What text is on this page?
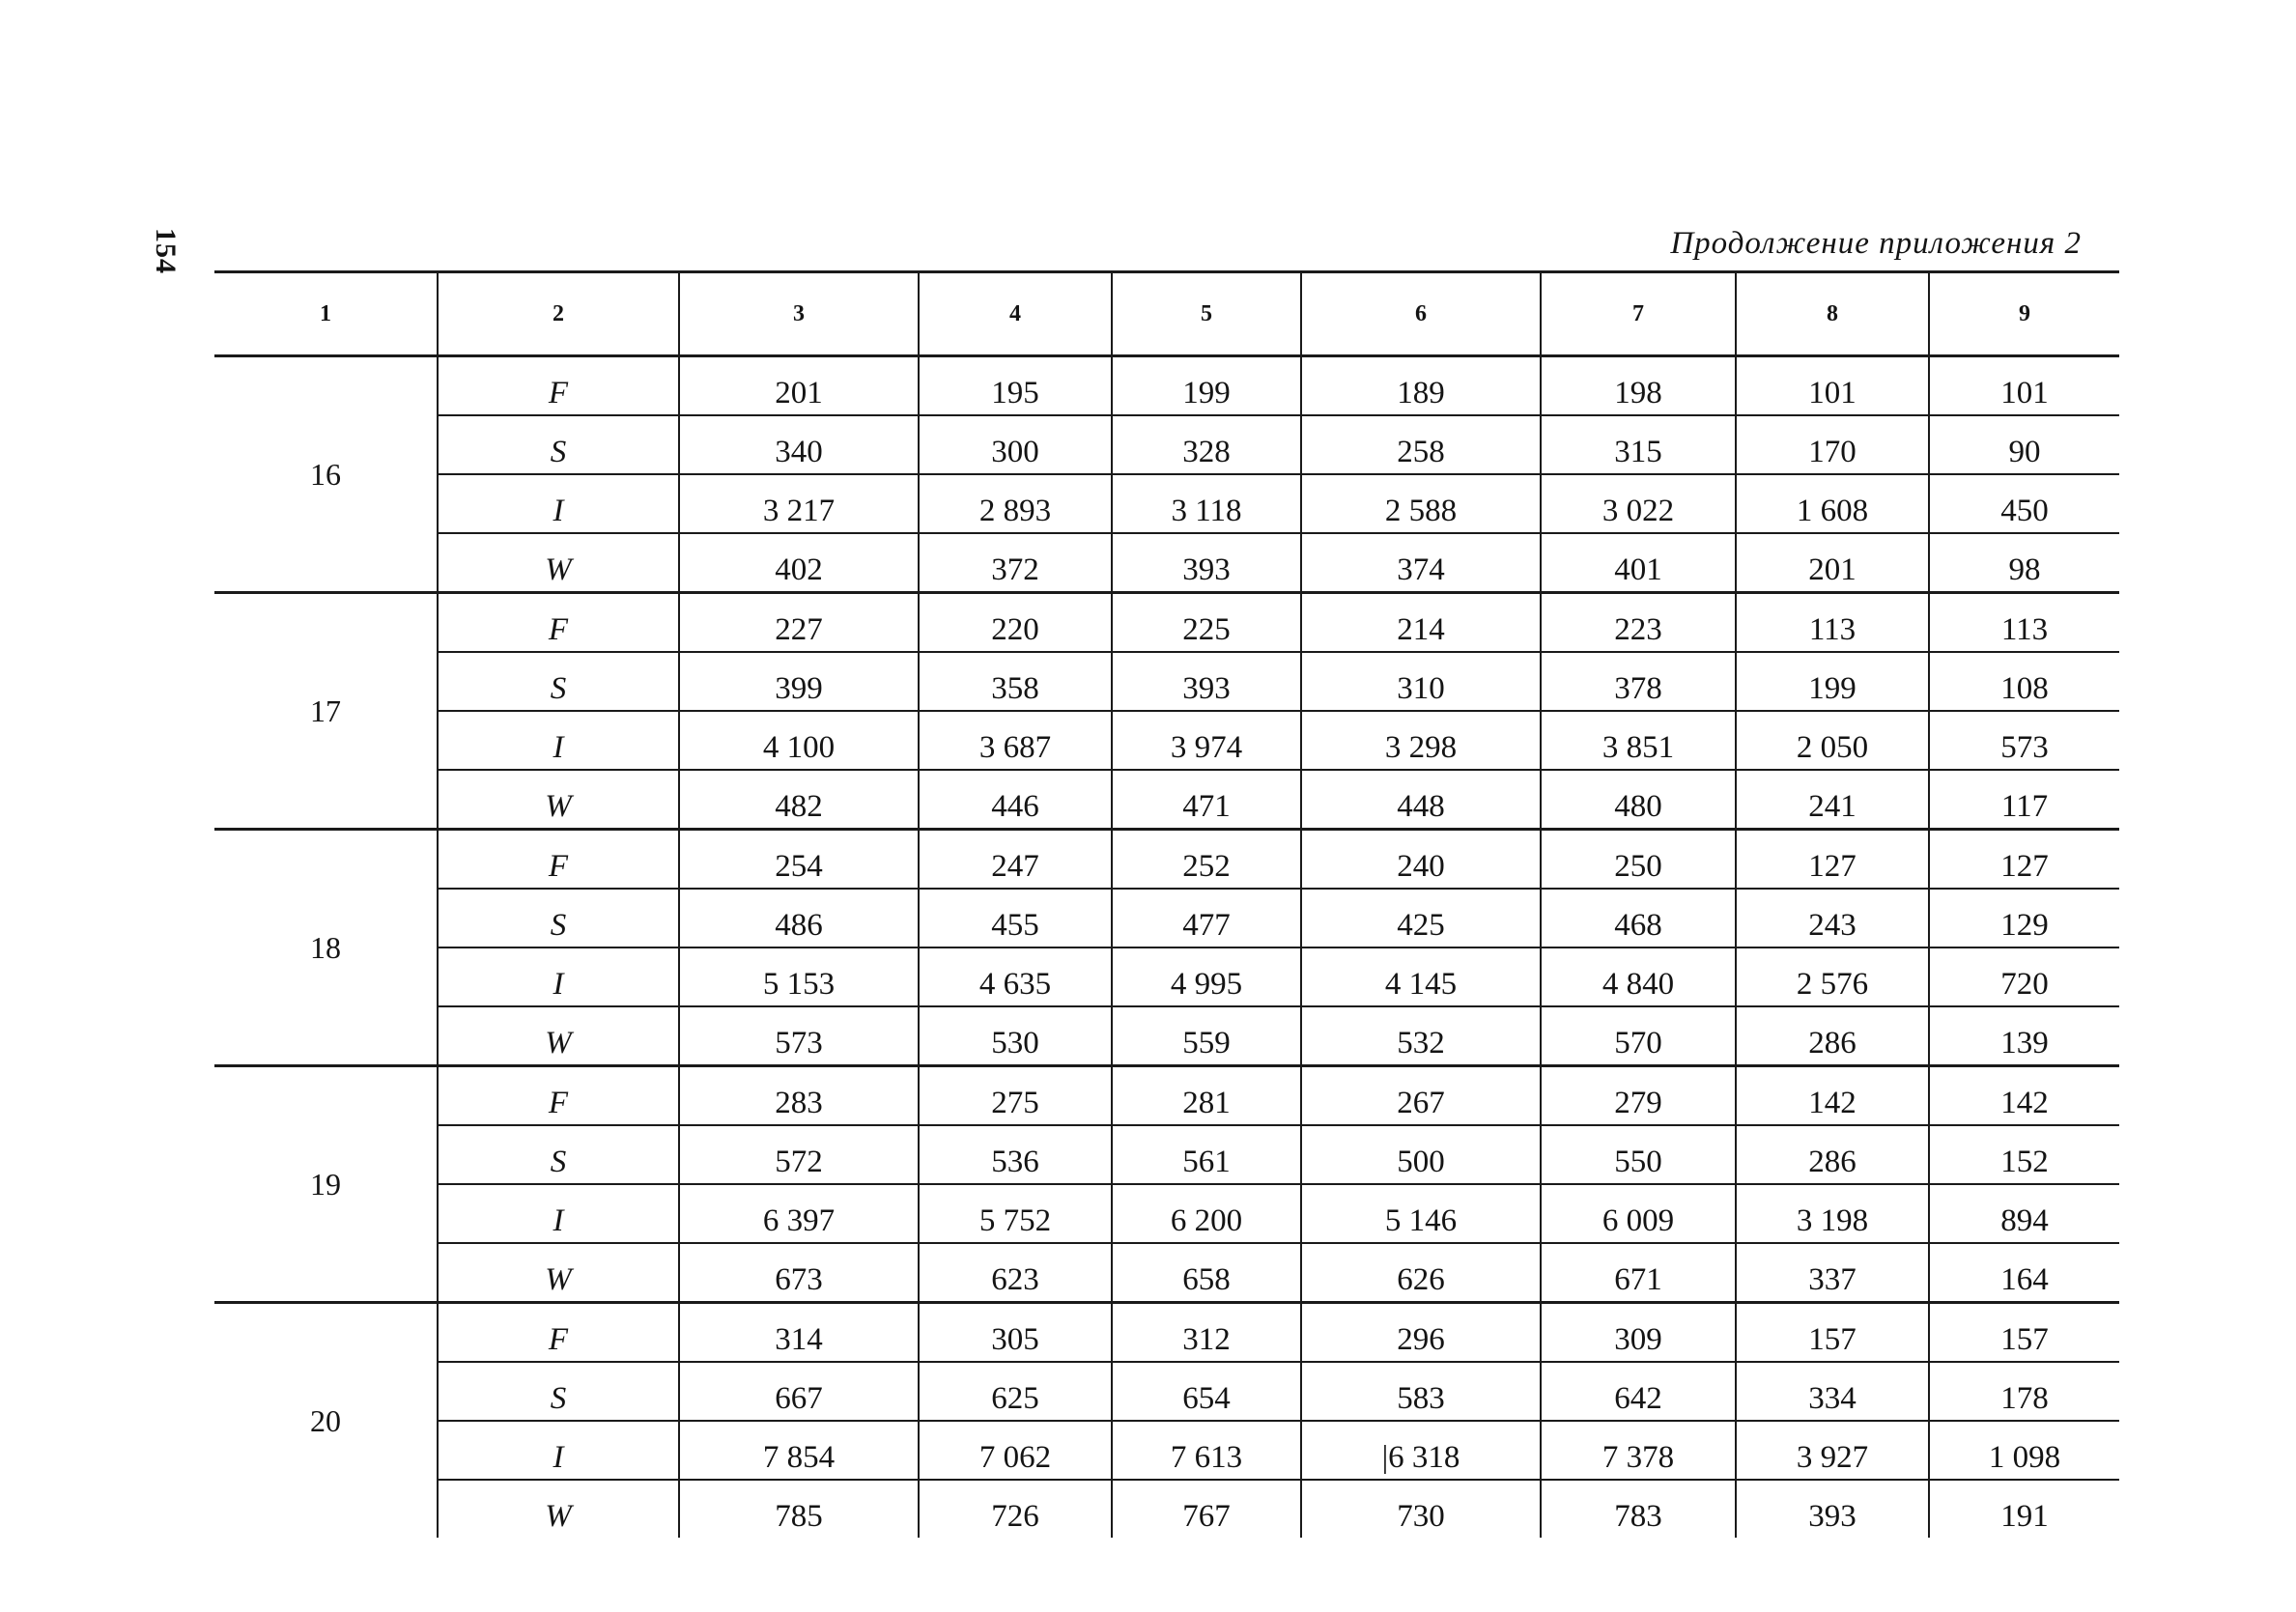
154	Продолжение приложения 2
1	2	3	4	5	6	7	8	9
16	F	201	195	199	189	198	101	101
	S	340	300	328	258	315	170	90
	I	3 217	2 893	3 118	2 588	3 022	1 608	450
	W	402	372	393	374	401	201	98
17	F	227	220	225	214	223	113	113
	S	399	358	393	310	378	199	108
	I	4 100	3 687	3 974	3 298	3 851	2 050	573
	W	482	446	471	448	480	241	117
18	F	254	247	252	240	250	127	127
	S	486	455	477	425	468	243	129
	I	5 153	4 635	4 995	4 145	4 840	2 576	720
	W	573	530	559	532	570	286	139
19	F	283	275	281	267	279	142	142
	S	572	536	561	500	550	286	152
	I	6 397	5 752	6 200	5 146	6 009	3 198	894
	W	673	623	658	626	671	337	164
20	F	314	305	312	296	309	157	157
	S	667	625	654	583	642	334	178
	I	7 854	7 062	7 613	|6 318	7 378	3 927	1 098
	W	785	726	767	730	783	393	191
